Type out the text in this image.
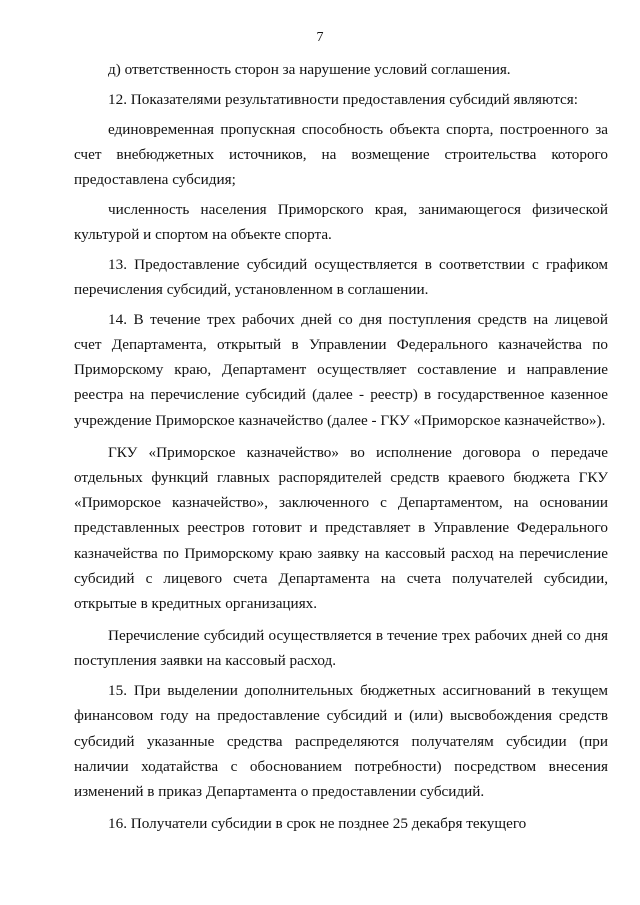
7

д) ответственность сторон за нарушение условий соглашения.

12. Показателями результативности предоставления субсидий являются:

единовременная пропускная способность объекта спорта, построенного за счет внебюджетных источников, на возмещение строительства которого предоставлена субсидия;

численность населения Приморского края, занимающегося физической культурой и спортом на объекте спорта.

13. Предоставление субсидий осуществляется в соответствии с графиком перечисления субсидий, установленном в соглашении.

14. В течение трех рабочих дней со дня поступления средств на лицевой счет Департамента, открытый в Управлении Федерального казначейства по Приморскому краю, Департамент осуществляет составление и направление реестра на перечисление субсидий (далее - реестр) в государственное казенное учреждение Приморское казначейство (далее - ГКУ «Приморское казначейство»).

ГКУ «Приморское казначейство» во исполнение договора о передаче отдельных функций главных распорядителей средств краевого бюджета ГКУ «Приморское казначейство», заключенного с Департаментом, на основании представленных реестров готовит и представляет в Управление Федерального казначейства по Приморскому краю заявку на кассовый расход на перечисление субсидий с лицевого счета Департамента на счета получателей субсидии, открытые в кредитных организациях.

Перечисление субсидий осуществляется в течение трех рабочих дней со дня поступления заявки на кассовый расход.

15. При выделении дополнительных бюджетных ассигнований в текущем финансовом году на предоставление субсидий и (или) высвобождения средств субсидий указанные средства распределяются получателям субсидии (при наличии ходатайства с обоснованием потребности) посредством внесения изменений в приказ Департамента о предоставлении субсидий.

16. Получатели субсидии в срок не позднее 25 декабря текущего
